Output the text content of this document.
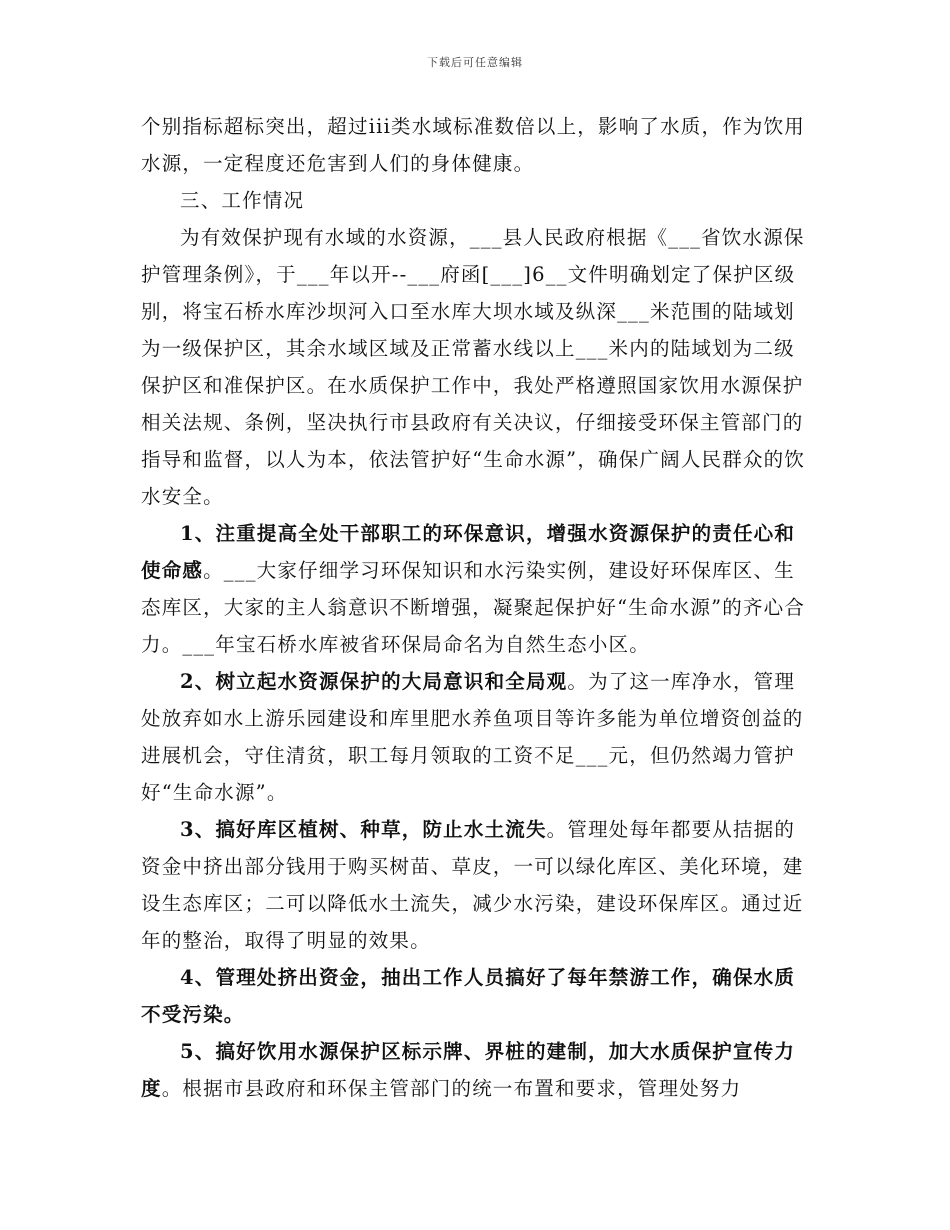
下载后可任意编辑

个别指标超标突出，超过iii类水域标准数倍以上，影响了水质，作为饮用水源，一定程度还危害到人们的身体健康。

三、工作情况

为有效保护现有水域的水资源，___县人民政府根据《___省饮水源保护管理条例》，于___年以开--___府函[___]6__文件明确划定了保护区级别，将宝石桥水库沙坝河入口至水库大坝水域及纵深___米范围的陆域划为一级保护区，其余水域区域及正常蓄水线以上___米内的陆域划为二级保护区和准保护区。在水质保护工作中，我处严格遵照国家饮用水源保护相关法规、条例，坚决执行市县政府有关决议，仔细接受环保主管部门的指导和监督，以人为本，依法管护好“生命水源”，确保广阔人民群众的饮水安全。

1、注重提高全处干部职工的环保意识，增强水资源保护的责任心和使命感。___大家仔细学习环保知识和水污染实例，建设好环保库区、生态库区，大家的主人翁意识不断增强，凝聚起保护好“生命水源”的齐心合力。___年宝石桥水库被省环保局命名为自然生态小区。

2、树立起水资源保护的大局意识和全局观。为了这一库净水，管理处放弃如水上游乐园建设和库里肥水养鱼项目等许多能为单位增资创益的进展机会，守住清贫，职工每月领取的工资不足___元，但仍然竭力管护好“生命水源”。

3、搞好库区植树、种草，防止水土流失。管理处每年都要从拮据的资金中挤出部分钱用于购买树苗、草皮，一可以绿化库区、美化环境，建设生态库区；二可以降低水土流失，减少水污染，建设环保库区。通过近年的整治，取得了明显的效果。

4、管理处挤出资金，抽出工作人员搞好了每年禁游工作，确保水质不受污染。

5、搞好饮用水源保护区标示牌、界桩的建制，加大水质保护宣传力度。根据市县政府和环保主管部门的统一布置和要求，管理处努力
